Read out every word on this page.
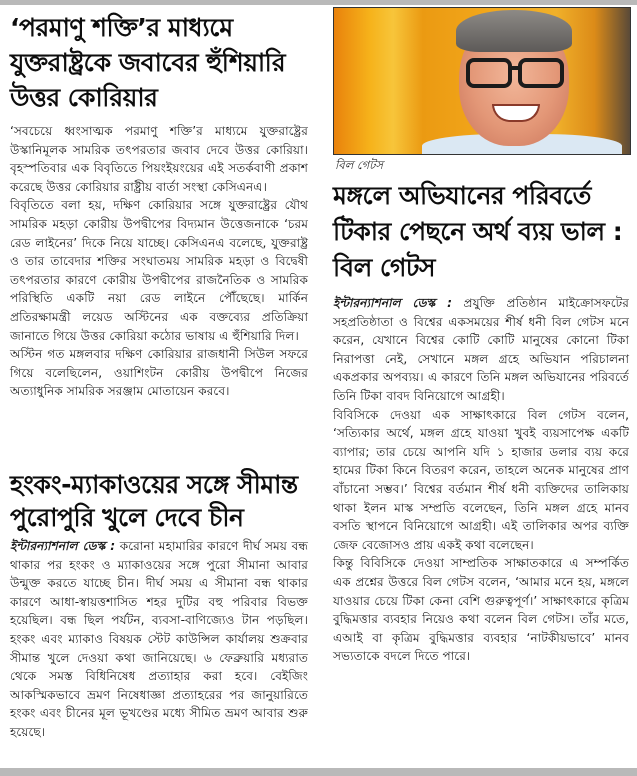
‘পরমাণু শক্তি’র মাধ্যমে যুক্তরাষ্ট্রকে জবাবের হুঁশিয়ারি উত্তর কোরিয়ার

‘সবচেয়ে ধ্বংসাত্মক পরমাণু শক্তি’র মাধ্যমে যুক্তরাষ্ট্রের উস্কানিমূলক সামরিক তৎপরতার জবাব দেবে উত্তর কোরিয়া। বৃহস্পতিবার এক বিবৃতিতে পিয়ংইয়ংয়ের এই সতর্কবাণী প্রকাশ করেছে উত্তর কোরিয়ার রাষ্ট্রীয় বার্তা সংস্থা কেসিএনএ।

বিবৃতিতে বলা হয়, দক্ষিণ কোরিয়ার সঙ্গে যুক্তরাষ্ট্রের যৌথ সামরিক মহড়া কোরীয় উপদ্বীপের বিদ্যমান উত্তেজনাকে ‘চরম রেড লাইনের’ দিকে নিয়ে যাচ্ছে। কেসিএনএ বলেছে, যুক্তরাষ্ট্র ও তার তাবেদার শক্তির সংঘাতময় সামরিক মহড়া ও বিদ্বেষী তৎপরতার কারণে কোরীয় উপদ্বীপের রাজনৈতিক ও সামরিক পরিস্থিতি একটি নয়া রেড লাইনে পৌঁছেছে। মার্কিন প্রতিরক্ষামন্ত্রী লয়েড অস্টিনের এক বক্তব্যের প্রতিক্রিয়া জানাতে গিয়ে উত্তর কোরিয়া কঠোর ভাষায় এ হুঁশিয়ারি দিল।

অস্টিন গত মঙ্গলবার দক্ষিণ কোরিয়ার রাজধানী সিউল সফরে গিয়ে বলেছিলেন, ওয়াশিংটন কোরীয় উপদ্বীপে নিজের অত্যাধুনিক সামরিক সরঞ্জাম মোতায়েন করবে।

হংকং-ম্যাকাওয়ের সঙ্গে সীমান্ত পুরোপুরি খুলে দেবে চীন

ইন্টারন্যাশনাল ডেস্ক : করোনা মহামারির কারণে দীর্ঘ সময় বন্ধ থাকার পর হংকং ও ম্যাকাওয়ের সঙ্গে পুরো সীমানা আবার উন্মুক্ত করতে যাচ্ছে চীন। দীর্ঘ সময় এ সীমানা বন্ধ থাকার কারণে আধা-স্বায়ত্তশাসিত শহর দুটির বহু পরিবার বিভক্ত হয়েছিল। বন্ধ ছিল পর্যটন, ব্যবসা-বাণিজ্যেও টান পড়ছিল। হংকং এবং ম্যাকাও বিষয়ক স্টেট কাউন্সিল কার্যালয় শুক্রবার সীমান্ত খুলে দেওয়া কথা জানিয়েছে। ৬ ফেব্রুয়ারি মধ্যরাত থেকে সমস্ত বিধিনিষেধ প্রত্যাহার করা হবে। বেইজিং আকস্মিকভাবে ভ্রমণ নিষেধাজ্ঞা প্রত্যাহরের পর জানুয়ারিতে হংকং এবং চীনের মূল ভূখণ্ডের মধ্যে সীমিত ভ্রমণ আবার শুরু হয়েছে।

বিল গেটস
মঙ্গলে অভিযানের পরিবর্তে টিকার পেছনে অর্থ ব্যয় ভাল : বিল গেটস

ইন্টারন্যাশনাল ডেস্ক : প্রযুক্তি প্রতিষ্ঠান মাইক্রোসফটের সহপ্রতিষ্ঠাতা ও বিশ্বের একসময়ের শীর্ষ ধনী বিল গেটস মনে করেন, যেখানে বিশ্বের কোটি কোটি মানুষের কোনো টিকা নিরাপত্তা নেই, সেখানে মঙ্গল গ্রহে অভিযান পরিচালনা একপ্রকার অপব্যয়। এ কারণে তিনি মঙ্গল অভিযানের পরিবর্তে তিনি টিকা বাবদ বিনিয়োগে আগ্রহী।

বিবিসিকে দেওয়া এক সাক্ষাৎকারে বিল গেটস বলেন, ‘সত্যিকার অর্থে, মঙ্গল গ্রহে যাওয়া খুবই ব্যয়সাপেক্ষ একটি ব্যাপার; তার চেয়ে আপনি যদি ১ হাজার ডলার ব্যয় করে হামের টিকা কিনে বিতরণ করেন, তাহলে অনেক মানুষের প্রাণ বাঁচানো সম্ভব।’ বিশ্বের বর্তমান শীর্ষ ধনী ব্যক্তিদের তালিকায় থাকা ইলন মাস্ক সম্প্রতি বলেছেন, তিনি মঙ্গল গ্রহে মানব বসতি স্থাপনে বিনিয়োগে আগ্রহী। এই তালিকার অপর ব্যক্তি জেফ বেজোসও প্রায় একই কথা বলেছেন।

কিন্তু বিবিসিকে দেওয়া সাম্প্রতিক সাক্ষাতকারে এ সম্পর্কিত এক প্রশ্নের উত্তরে বিল গেটস বলেন, ‘আমার মনে হয়, মঙ্গলে যাওয়ার চেয়ে টিকা কেনা বেশি গুরুত্বপূর্ণ।’ সাক্ষাৎকারে কৃত্রিম বুদ্ধিমত্তার ব্যবহার নিয়েও কথা বলেন বিল গেটস। তাঁর মতে, এআই বা কৃত্রিম বুদ্ধিমত্তার ব্যবহার ‘নাটকীয়ভাবে’ মানব সভ্যতাকে বদলে দিতে পারে।
